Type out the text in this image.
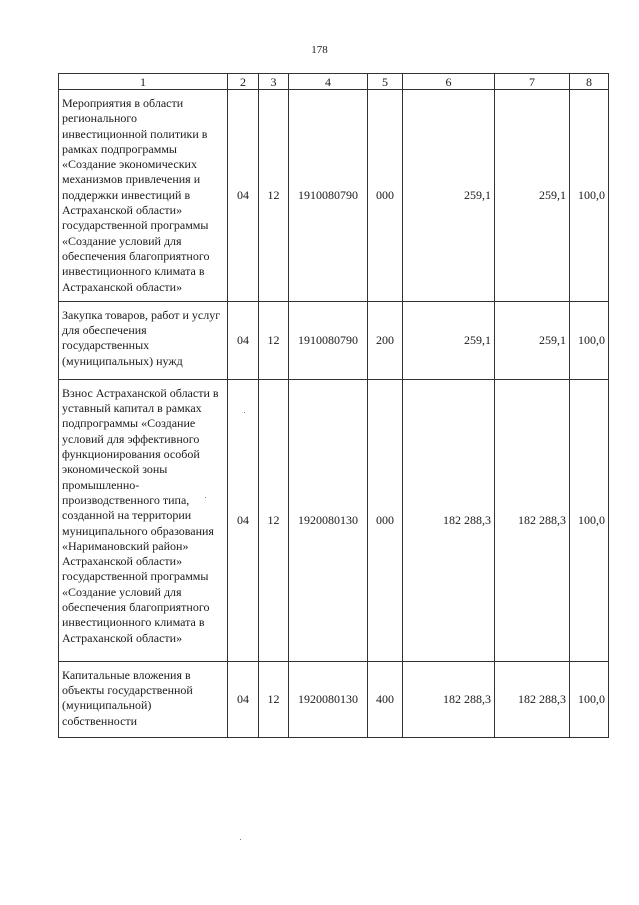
178
1	2	3	4	5	6	7	8
Мероприятия в области регионального инвестиционной политики в рамках подпрограммы «Создание экономических механизмов привлечения и поддержки инвестиций в Астраханской области» государственной программы «Создание условий для обеспечения благоприятного инвестиционного климата в Астраханской области»	04	12	1910080790	000	259,1	259,1	100,0
Закупка товаров, работ и услуг для обеспечения государственных (муниципальных) нужд	04	12	1910080790	200	259,1	259,1	100,0
Взнос Астраханской области в уставный капитал в рамках подпрограммы «Создание условий для эффективного функционирования особой экономической зоны промышленно-производственного типа, созданной на территории муниципального образования «Наримановский район» Астраханской области» государственной программы «Создание условий для обеспечения благоприятного инвестиционного климата в Астраханской области»	04	12	1920080130	000	182 288,3	182 288,3	100,0
Капитальные вложения в объекты государственной (муниципальной) собственности	04	12	1920080130	400	182 288,3	182 288,3	100,0
